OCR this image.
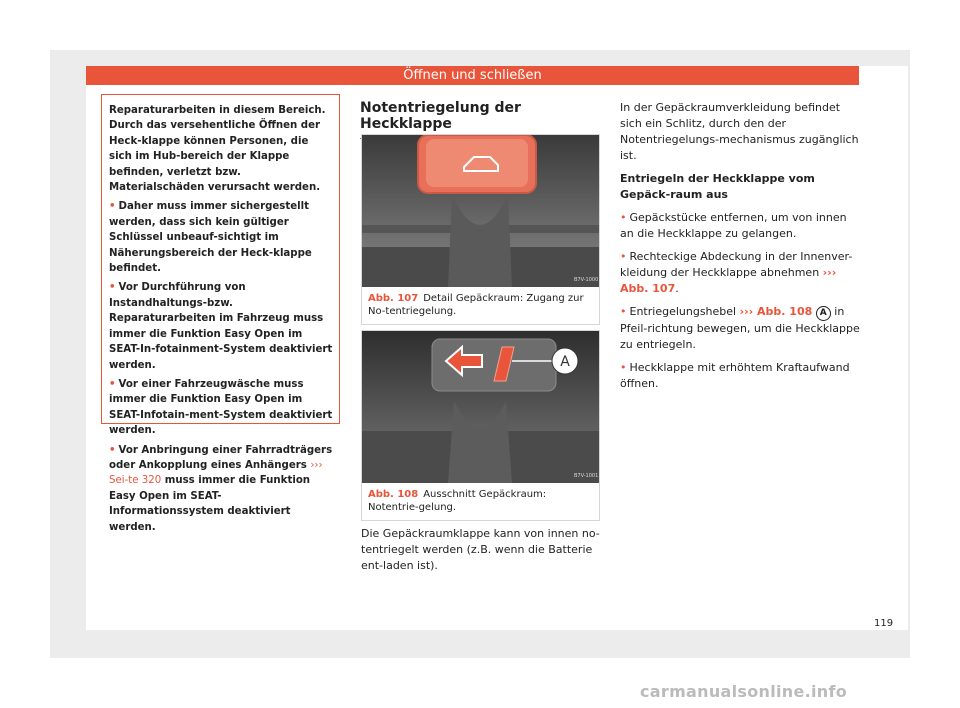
Öffnen und schließen

Reparaturarbeiten in diesem Bereich. Durch das versehentliche Öffnen der Heck-klappe können Personen, die sich im Hub-bereich der Klappe befinden, verletzt bzw. Materialschäden verursacht werden.

• Daher muss immer sichergestellt werden, dass sich kein gültiger Schlüssel unbeauf-sichtigt im Näherungsbereich der Heck-klappe befindet.

• Vor Durchführung von Instandhaltungs-bzw. Reparaturarbeiten im Fahrzeug muss immer die Funktion Easy Open im SEAT-In-fotainment-System deaktiviert werden.

• Vor einer Fahrzeugwäsche muss immer die Funktion Easy Open im SEAT-Infotain-ment-System deaktiviert werden.

• Vor Anbringung einer Fahrradträgers oder Ankopplung eines Anhängers ››› Sei-te 320 muss immer die Funktion Easy Open im SEAT-Informationssystem deaktiviert werden.

Notentriegelung der Heckklappe
B7V-1000
Abb. 107 Detail Gepäckraum: Zugang zur No-tentriegelung.
A
B7V-1001
Abb. 108 Ausschnitt Gepäckraum: Notentrie-gelung.
Die Gepäckraumklappe kann von innen no-tentriegelt werden (z.B. wenn die Batterie ent-laden ist).

In der Gepäckraumverkleidung befindet sich ein Schlitz, durch den der Notentriegelungs-mechanismus zugänglich ist.

Entriegeln der Heckklappe vom Gepäck-raum aus

• Gepäckstücke entfernen, um von innen an die Heckklappe zu gelangen.

• Rechteckige Abdeckung in der Innenver-kleidung der Heckklappe abnehmen ››› Abb. 107.

• Entriegelungshebel ››› Abb. 108 A in Pfeil-richtung bewegen, um die Heckklappe zu entriegeln.

• Heckklappe mit erhöhtem Kraftaufwand öffnen.

119
carmanualsonline.info
